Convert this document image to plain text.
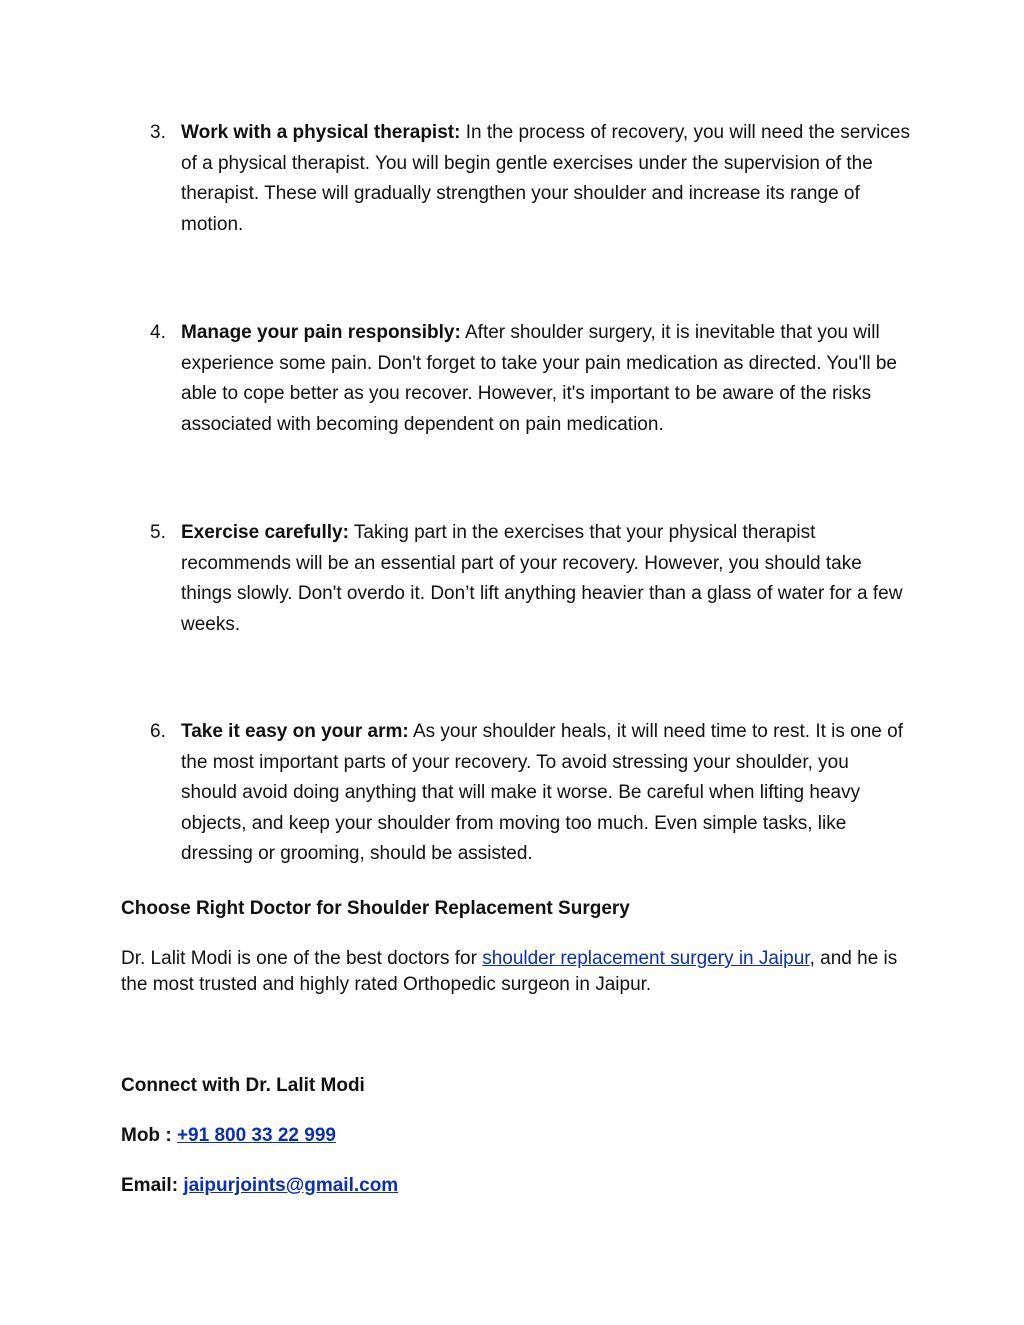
3. Work with a physical therapist: In the process of recovery, you will need the services of a physical therapist. You will begin gentle exercises under the supervision of the therapist. These will gradually strengthen your shoulder and increase its range of motion.
4. Manage your pain responsibly: After shoulder surgery, it is inevitable that you will experience some pain. Don't forget to take your pain medication as directed. You'll be able to cope better as you recover. However, it's important to be aware of the risks associated with becoming dependent on pain medication.
5. Exercise carefully: Taking part in the exercises that your physical therapist recommends will be an essential part of your recovery. However, you should take things slowly. Don't overdo it. Don’t lift anything heavier than a glass of water for a few weeks.
6. Take it easy on your arm: As your shoulder heals, it will need time to rest. It is one of the most important parts of your recovery. To avoid stressing your shoulder, you should avoid doing anything that will make it worse. Be careful when lifting heavy objects, and keep your shoulder from moving too much. Even simple tasks, like dressing or grooming, should be assisted.
Choose Right Doctor for Shoulder Replacement Surgery
Dr. Lalit Modi is one of the best doctors for shoulder replacement surgery in Jaipur, and he is the most trusted and highly rated Orthopedic surgeon in Jaipur.
Connect with Dr. Lalit Modi
Mob : +91 800 33 22 999
Email: jaipurjoints@gmail.com
